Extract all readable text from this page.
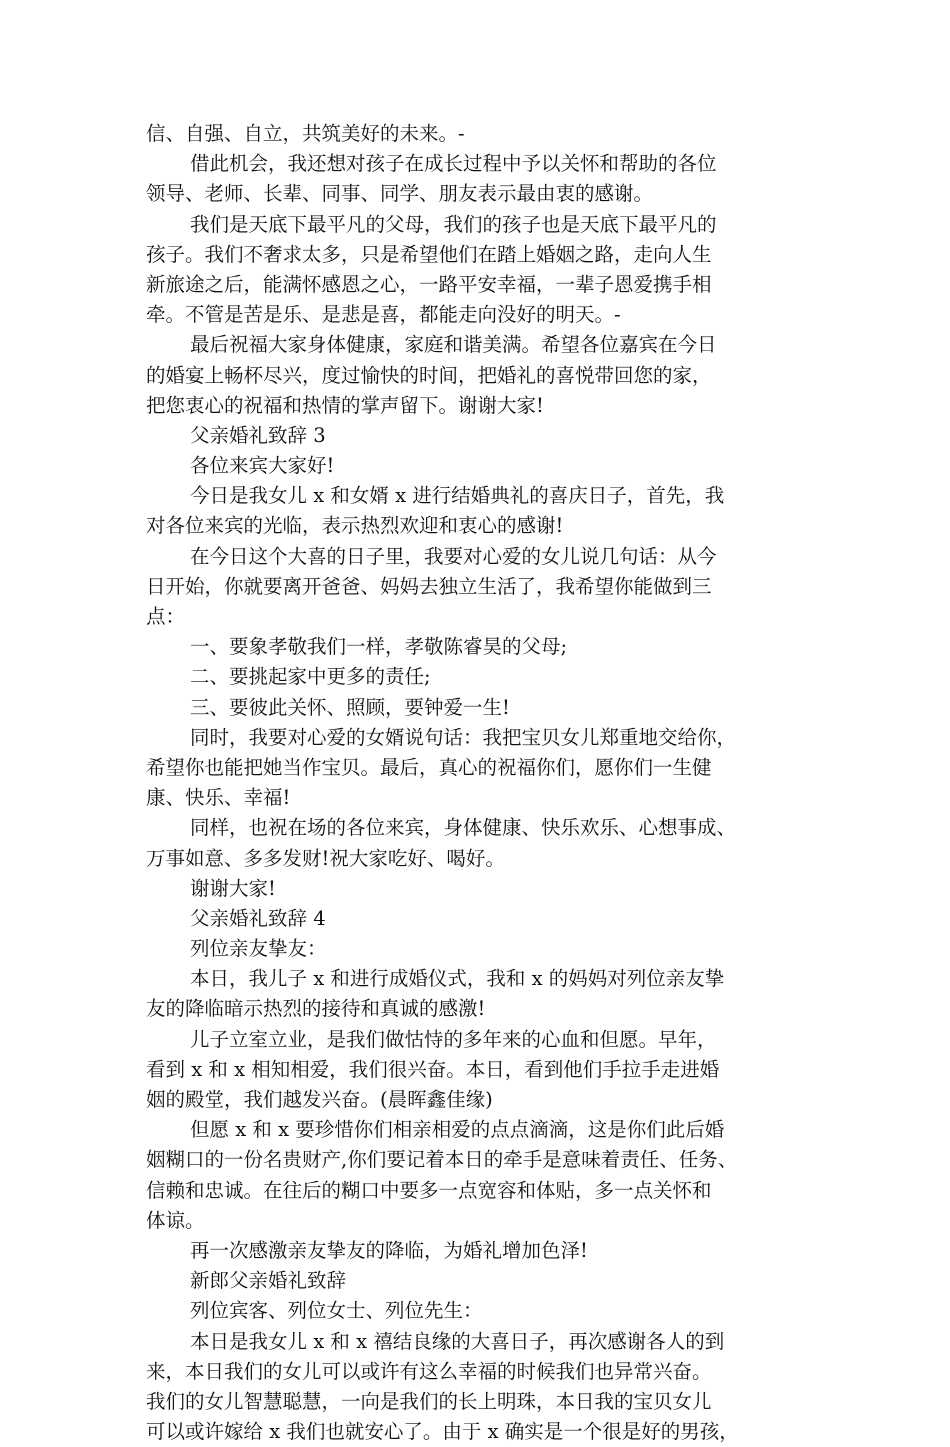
信、自强、自立，共筑美好的未来。-
借此机会，我还想对孩子在成长过程中予以关怀和帮助的各位
领导、老师、长辈、同事、同学、朋友表示最由衷的感谢。
我们是天底下最平凡的父母，我们的孩子也是天底下最平凡的
孩子。我们不奢求太多，只是希望他们在踏上婚姻之路，走向人生
新旅途之后，能满怀感恩之心，一路平安幸福，一辈子恩爱携手相
牵。不管是苦是乐、是悲是喜，都能走向没好的明天。-
最后祝福大家身体健康，家庭和谐美满。希望各位嘉宾在今日
的婚宴上畅杯尽兴，度过愉快的时间，把婚礼的喜悦带回您的家，
把您衷心的祝福和热情的掌声留下。谢谢大家!
父亲婚礼致辞 3
各位来宾大家好!
今日是我女儿 x 和女婿 x 进行结婚典礼的喜庆日子，首先，我
对各位来宾的光临，表示热烈欢迎和衷心的感谢!
在今日这个大喜的日子里，我要对心爱的女儿说几句话：从今
日开始，你就要离开爸爸、妈妈去独立生活了，我希望你能做到三
点：
一、要象孝敬我们一样，孝敬陈睿昊的父母;
二、要挑起家中更多的责任;
三、要彼此关怀、照顾，要钟爱一生!
同时，我要对心爱的女婿说句话：我把宝贝女儿郑重地交给你，
希望你也能把她当作宝贝。最后，真心的祝福你们，愿你们一生健
康、快乐、幸福!
同样，也祝在场的各位来宾，身体健康、快乐欢乐、心想事成、
万事如意、多多发财!祝大家吃好、喝好。
谢谢大家!
父亲婚礼致辞 4
列位亲友挚友：
本日，我儿子 x 和进行成婚仪式，我和 x 的妈妈对列位亲友挚
友的降临暗示热烈的接待和真诚的感激!
儿子立室立业，是我们做怙恃的多年来的心血和但愿。早年，
看到 x 和 x 相知相爱，我们很兴奋。本日，看到他们手拉手走进婚
姻的殿堂，我们越发兴奋。(晨晖鑫佳缘)
但愿 x 和 x 要珍惜你们相亲相爱的点点滴滴，这是你们此后婚
姻糊口的一份名贵财产,你们要记着本日的牵手是意味着责任、任务、
信赖和忠诚。在往后的糊口中要多一点宽容和体贴，多一点关怀和
体谅。
再一次感激亲友挚友的降临，为婚礼增加色泽!
新郎父亲婚礼致辞
列位宾客、列位女士、列位先生：
本日是我女儿 x 和 x 禧结良缘的大喜日子，再次感谢各人的到
来，本日我们的女儿可以或许有这么幸福的时候我们也异常兴奋。
我们的女儿智慧聪慧，一向是我们的长上明珠，本日我的宝贝女儿
可以或许嫁给 x 我们也就安心了。由于 x 确实是一个很是好的男孩，
